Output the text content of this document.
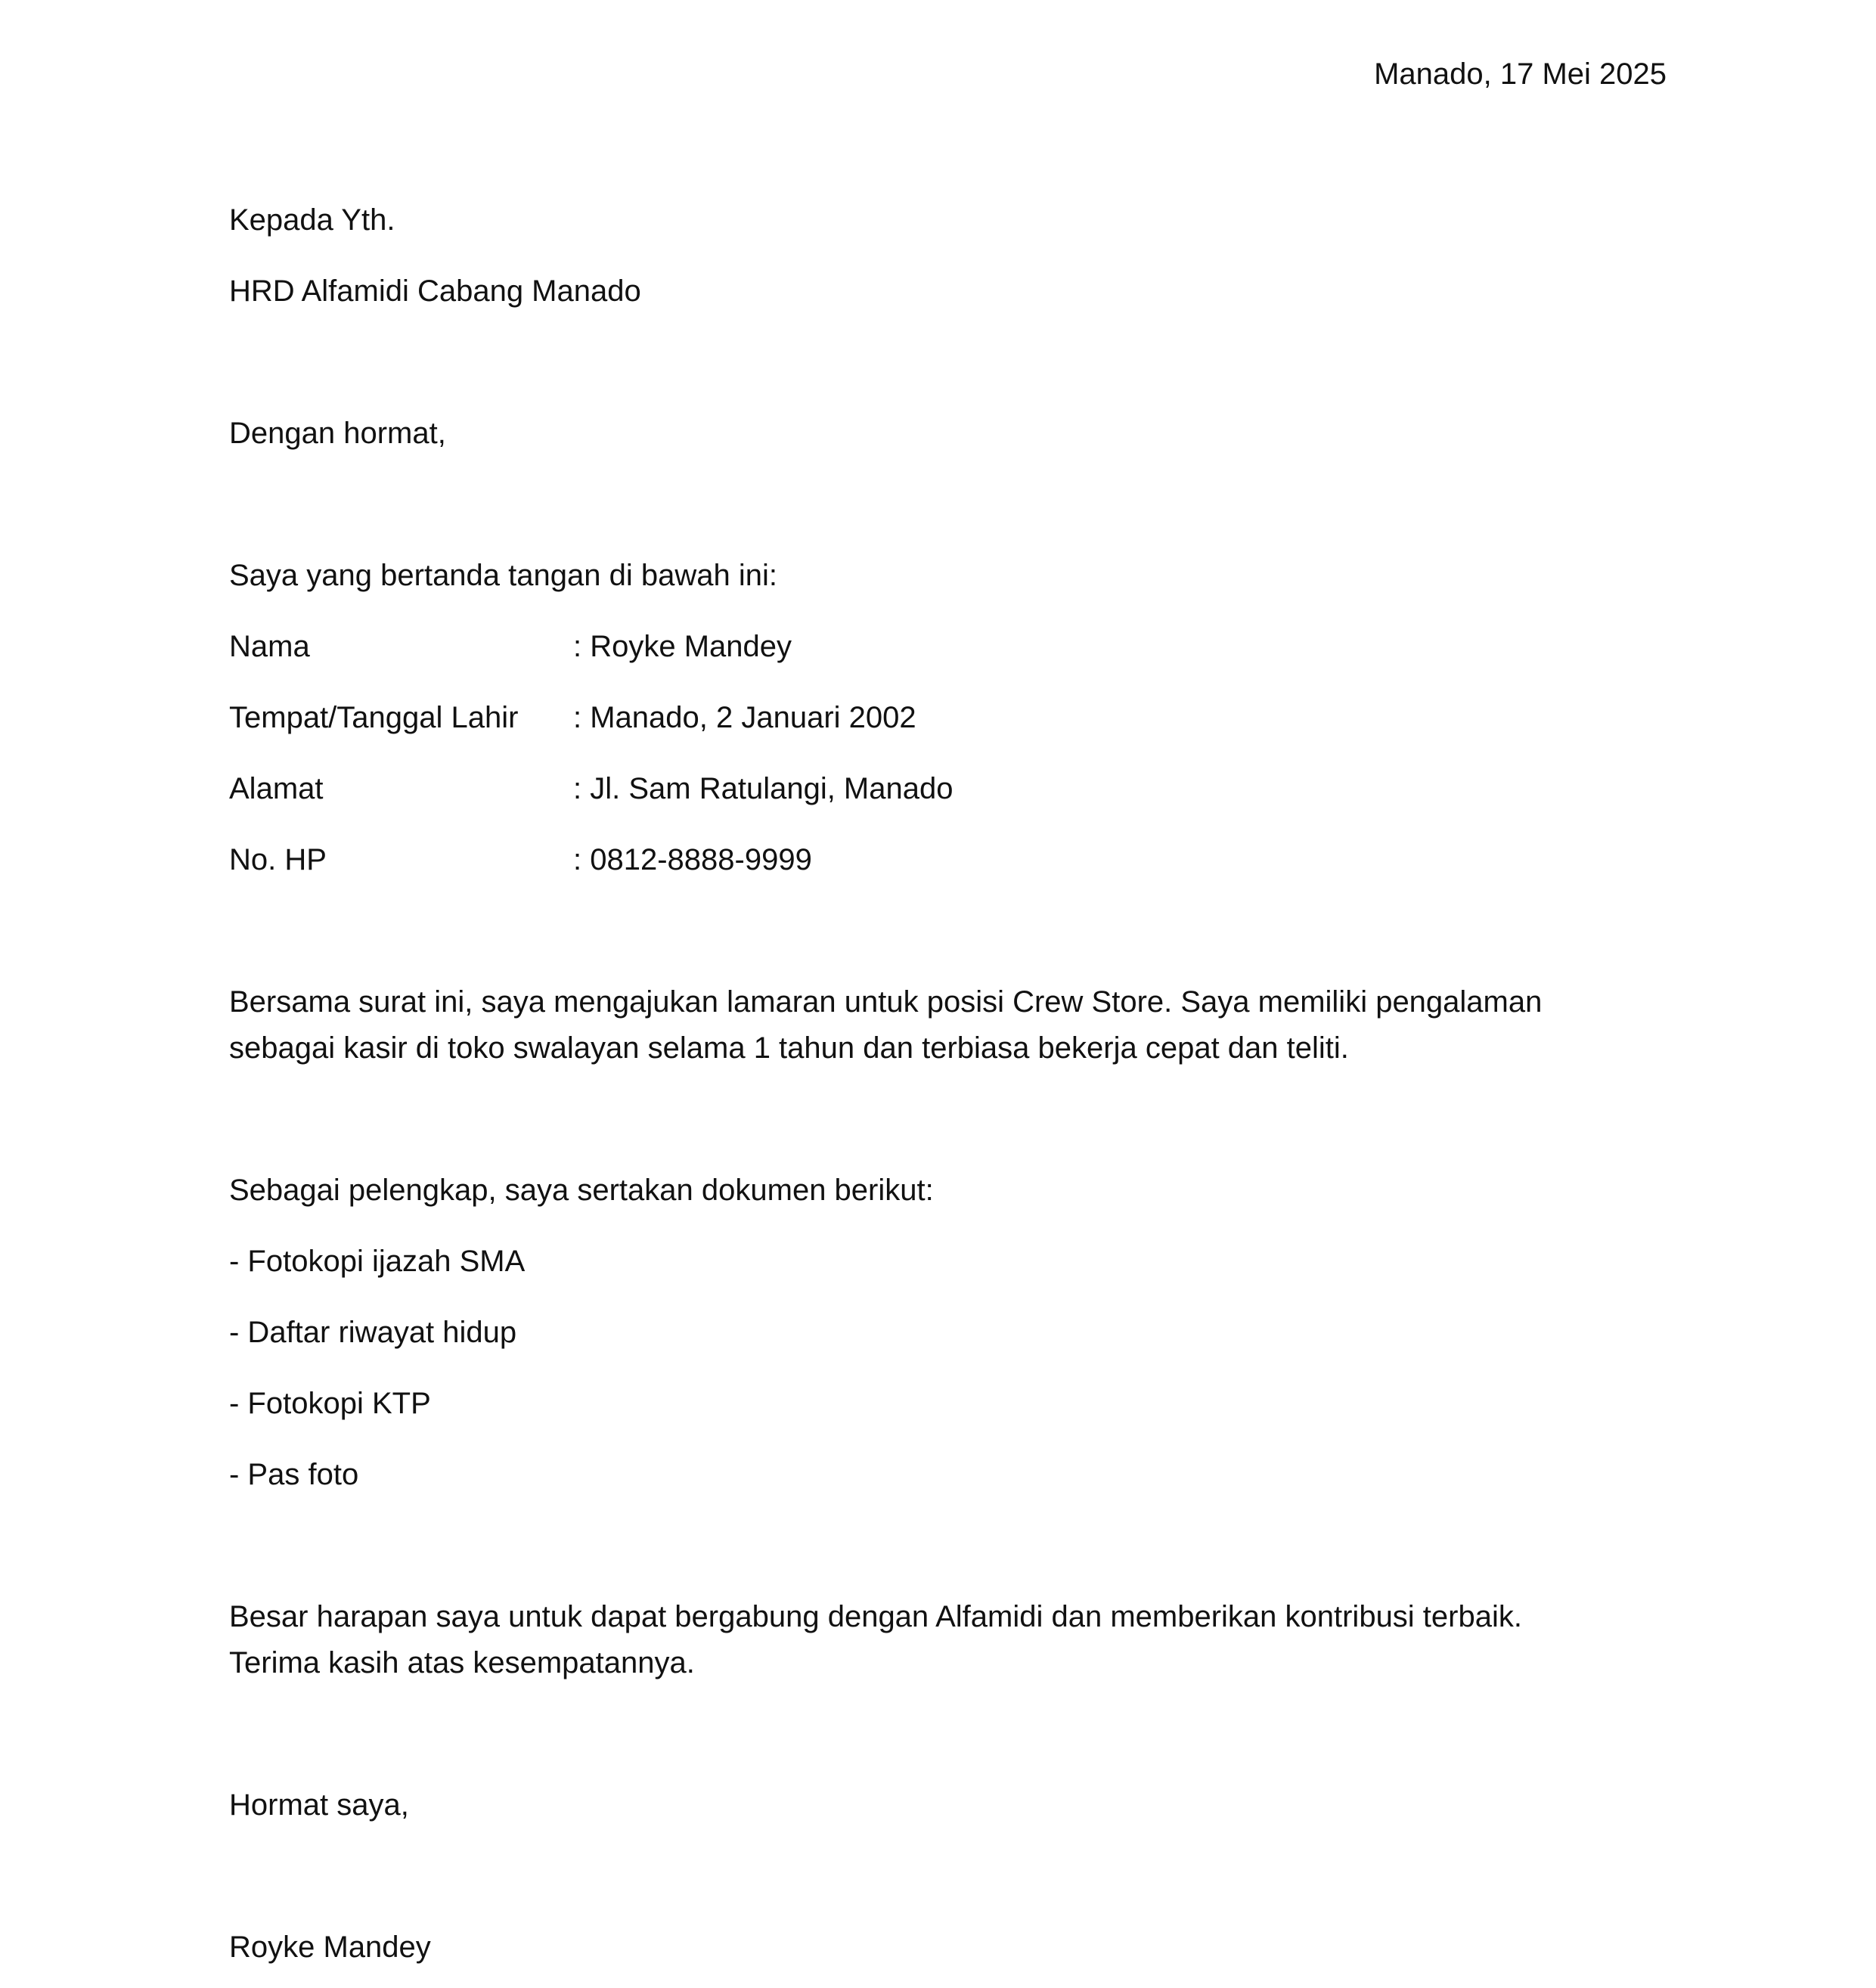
Manado, 17 Mei 2025
Kepada Yth.
HRD Alfamidi Cabang Manado
Dengan hormat,
Saya yang bertanda tangan di bawah ini:
Nama	: Royke Mandey
Tempat/Tanggal Lahir : Manado, 2 Januari 2002
Alamat	: Jl. Sam Ratulangi, Manado
No. HP	: 0812-8888-9999
Bersama surat ini, saya mengajukan lamaran untuk posisi Crew Store. Saya memiliki pengalaman
sebagai kasir di toko swalayan selama 1 tahun dan terbiasa bekerja cepat dan teliti.
Sebagai pelengkap, saya sertakan dokumen berikut:
- Fotokopi ijazah SMA
- Daftar riwayat hidup
- Fotokopi KTP
- Pas foto
Besar harapan saya untuk dapat bergabung dengan Alfamidi dan memberikan kontribusi terbaik.
Terima kasih atas kesempatannya.
Hormat saya,
Royke Mandey
